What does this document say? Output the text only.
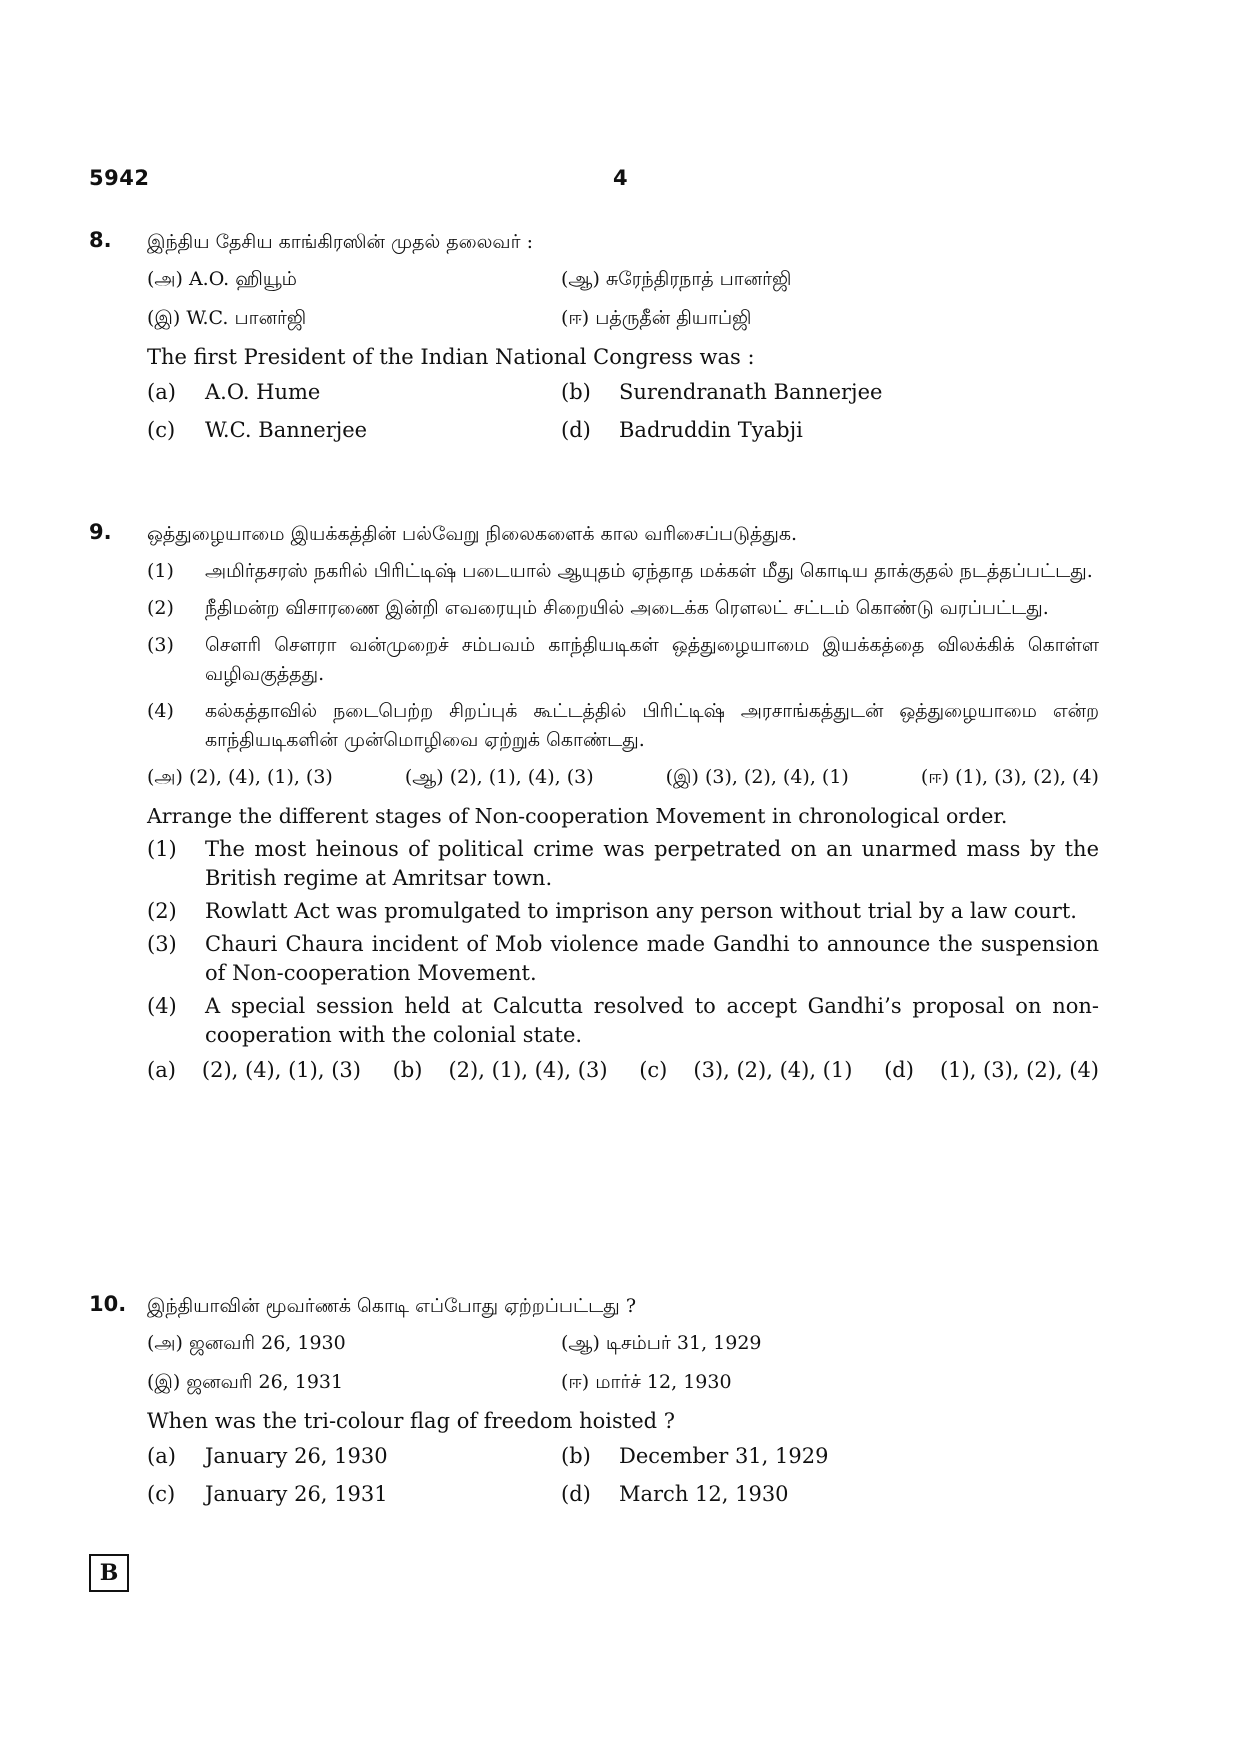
5942	4
8. இந்திய தேசிய காங்கிரஸின் முதல் தலைவர் :
(அ) A.O. ஹியூம்	(ஆ) சுரேந்திரநாத் பானர்ஜி
(இ) W.C. பானர்ஜி	(ஈ) பத்ருதீன் தியாப்ஜி
The first President of the Indian National Congress was :
(a)	A.O. Hume	(b)	Surendranath Bannerjee
(c)	W.C. Bannerjee	(d)	Badruddin Tyabji
9. ஒத்துழையாமை இயக்கத்தின் பல்வேறு நிலைகளைக் கால வரிசைப்படுத்துக.
(1)	அமிர்தசரஸ் நகரில் பிரிட்டிஷ் படையால் ஆயுதம் ஏந்தாத மக்கள் மீது கொடிய தாக்குதல் நடத்தப்பட்டது.
(2)	நீதிமன்ற விசாரணை இன்றி எவரையும் சிறையில் அடைக்க ரௌலட் சட்டம் கொண்டு வரப்பட்டது.
(3)	சௌரி சௌரா வன்முறைச் சம்பவம் காந்தியடிகள் ஒத்துழையாமை இயக்கத்தை விலக்கிக் கொள்ள வழிவகுத்தது.
(4)	கல்கத்தாவில் நடைபெற்ற சிறப்புக் கூட்டத்தில் பிரிட்டிஷ் அரசாங்கத்துடன் ஒத்துழையாமை என்ற காந்தியடிகளின் முன்மொழிவை ஏற்றுக் கொண்டது.
(அ) (2), (4), (1), (3)	(ஆ) (2), (1), (4), (3)	(இ) (3), (2), (4), (1)	(ஈ) (1), (3), (2), (4)
Arrange the different stages of Non-cooperation Movement in chronological order.
(1)	The most heinous of political crime was perpetrated on an unarmed mass by the British regime at Amritsar town.
(2)	Rowlatt Act was promulgated to imprison any person without trial by a law court.
(3)	Chauri Chaura incident of Mob violence made Gandhi to announce the suspension of Non-cooperation Movement.
(4)	A special session held at Calcutta resolved to accept Gandhi’s proposal on non-cooperation with the colonial state.
(a) (2), (4), (1), (3) (b) (2), (1), (4), (3) (c) (3), (2), (4), (1) (d) (1), (3), (2), (4)
10. இந்தியாவின் மூவர்ணக் கொடி எப்போது ஏற்றப்பட்டது ?
(அ) ஜனவரி 26, 1930	(ஆ) டிசம்பர் 31, 1929
(இ) ஜனவரி 26, 1931	(ஈ) மார்ச் 12, 1930
When was the tri-colour flag of freedom hoisted ?
(a)	January 26, 1930	(b)	December 31, 1929
(c)	January 26, 1931	(d)	March 12, 1930
B
